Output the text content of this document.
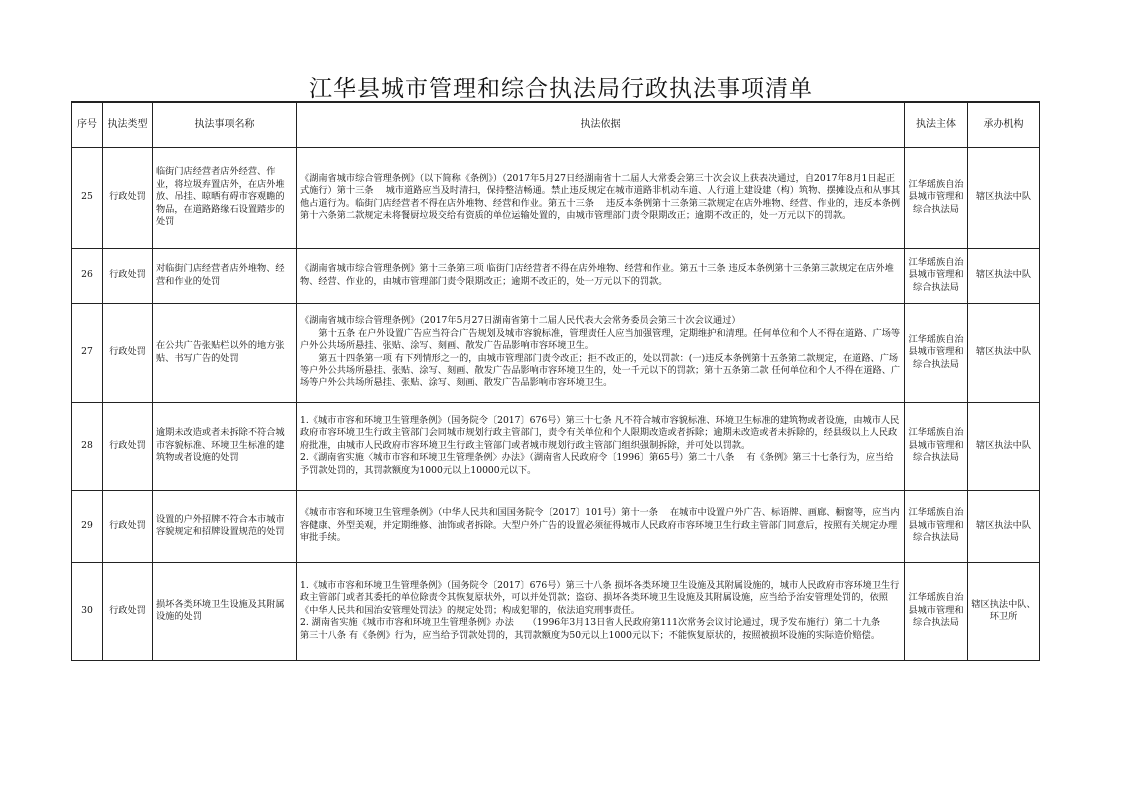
江华县城市管理和综合执法局行政执法事项清单
序号	执法类型	执法事项名称	执法依据	执法主体	承办机构
25	行政处罚	临街门店经营者店外经营、作业，将垃圾弃置店外，在店外堆放、吊挂、晾晒有碍市容观瞻的物品，在道路路缘石设置踏步的处罚	《湖南省城市综合管理条例》（以下简称《条例》）（2017年5月27日经湖南省十二届人大常委会第三十次会议上获表决通过，自2017年8月1日起正式施行）第十三条　 城市道路应当及时清扫，保持整洁畅通。禁止违反规定在城市道路非机动车道、人行道上建设建（构）筑物、摆摊设点和从事其他占道行为。临街门店经营者不得在店外堆物、经营和作业。第五十三条　 违反本条例第十三条第三款规定在店外堆物、经营、作业的，违反本条例第十六条第二款规定未将餐厨垃圾交给有资质的单位运输处置的，由城市管理部门责令限期改正；逾期不改正的，处一万元以下的罚款。	江华瑶族自治县城市管理和综合执法局	辖区执法中队
26	行政处罚	对临街门店经营者店外堆物、经营和作业的处罚	《湖南省城市综合管理条例》第十三条第三项 临街门店经营者不得在店外堆物、经营和作业。第五十三条 违反本条例第十三条第三款规定在店外堆物、经营、作业的，由城市管理部门责令限期改正；逾期不改正的，处一万元以下的罚款。	江华瑶族自治县城市管理和综合执法局	辖区执法中队
27	行政处罚	在公共广告张贴栏以外的地方张贴、书写广告的处罚	《湖南省城市综合管理条例》（2017年5月27日湖南省第十二届人民代表大会常务委员会第三十次会议通过）
第十五条 在户外设置广告应当符合广告规划及城市容貌标准，管理责任人应当加强管理，定期维护和清理。任何单位和个人不得在道路、广场等户外公共场所悬挂、张贴、涂写、刻画、散发广告品影响市容环境卫生。
第五十四条第一项 有下列情形之一的，由城市管理部门责令改正；拒不改正的，处以罚款：(一)违反本条例第十五条第二款规定，在道路、广场等户外公共场所悬挂、张贴、涂写、刻画、散发广告品影响市容环境卫生的，处一千元以下的罚款；第十五条第二款 任何单位和个人不得在道路、广场等户外公共场所悬挂、张贴、涂写、刻画、散发广告品影响市容环境卫生。	江华瑶族自治县城市管理和综合执法局	辖区执法中队
28	行政处罚	逾期未改造或者未拆除不符合城市容貌标准、环境卫生标准的建筑物或者设施的处罚	1.《城市市容和环境卫生管理条例》（国务院令〔2017〕676号）第三十七条 凡不符合城市容貌标准、环境卫生标准的建筑物或者设施，由城市人民政府市容环境卫生行政主管部门会同城市规划行政主管部门，责令有关单位和个人限期改造或者拆除；逾期未改造或者未拆除的，经县级以上人民政府批准，由城市人民政府市容环境卫生行政主管部门或者城市规划行政主管部门组织强制拆除，并可处以罚款。
2.《湖南省实施〈城市市容和环境卫生管理条例〉办法》（湖南省人民政府令〔1996〕第65号）第二十八条　 有《条例》第三十七条行为，应当给予罚款处罚的，其罚款额度为1000元以上10000元以下。	江华瑶族自治县城市管理和综合执法局	辖区执法中队
29	行政处罚	设置的户外招牌不符合本市城市容貌规定和招牌设置规范的处罚	《城市市容和环境卫生管理条例》（中华人民共和国国务院令〔2017〕101号）第十一条　 在城市中设置户外广告、标语牌、画廊、橱窗等，应当内容健康、外型美观，并定期维修、油饰或者拆除。大型户外广告的设置必须征得城市人民政府市容环境卫生行政主管部门同意后，按照有关规定办理审批手续。	江华瑶族自治县城市管理和综合执法局	辖区执法中队
30	行政处罚	损坏各类环境卫生设施及其附属设施的处罚	1.《城市市容和环境卫生管理条例》（国务院令〔2017〕676号）第三十八条 损坏各类环境卫生设施及其附属设施的，城市人民政府市容环境卫生行政主管部门或者其委托的单位除责令其恢复原状外，可以并处罚款；盗窃、损坏各类环境卫生设施及其附属设施，应当给予治安管理处罚的，依照《中华人民共和国治安管理处罚法》的规定处罚；构成犯罪的，依法追究刑事责任。
2. 湖南省实施《城市市容和环境卫生管理条例》办法　　（1996年3月13日省人民政府第111次常务会议讨论通过，现予发布施行）第二十九条　 第三十八条 有《条例》行为，应当给予罚款处罚的，其罚款额度为50元以上1000元以下；不能恢复原状的，按照被损坏设施的实际造价赔偿。	江华瑶族自治县城市管理和综合执法局	辖区执法中队、环卫所
